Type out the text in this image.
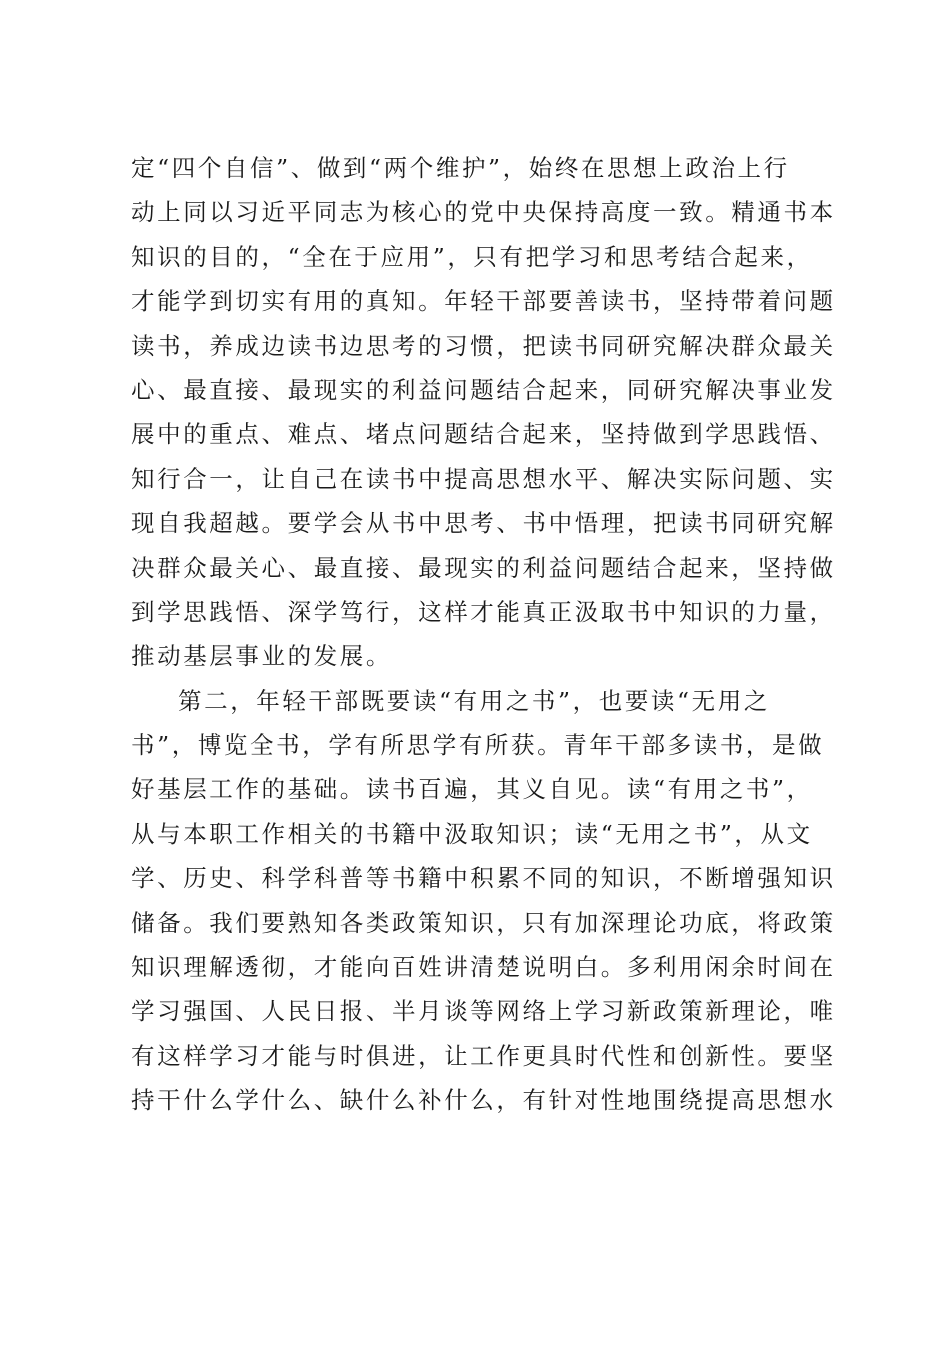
定“四个自信”、做到“两个维护”，始终在思想上政治上行
动上同以习近平同志为核心的党中央保持高度一致。精通书本
知识的目的，“全在于应用”，只有把学习和思考结合起来，
才能学到切实有用的真知。年轻干部要善读书，坚持带着问题
读书，养成边读书边思考的习惯，把读书同研究解决群众最关
心、最直接、最现实的利益问题结合起来，同研究解决事业发
展中的重点、难点、堵点问题结合起来，坚持做到学思践悟、
知行合一，让自己在读书中提高思想水平、解决实际问题、实
现自我超越。要学会从书中思考、书中悟理，把读书同研究解
决群众最关心、最直接、最现实的利益问题结合起来，坚持做
到学思践悟、深学笃行，这样才能真正汲取书中知识的力量，
推动基层事业的发展。
第二，年轻干部既要读“有用之书”，也要读“无用之
书”，博览全书，学有所思学有所获。青年干部多读书，是做
好基层工作的基础。读书百遍，其义自见。读“有用之书”，
从与本职工作相关的书籍中汲取知识；读“无用之书”，从文
学、历史、科学科普等书籍中积累不同的知识，不断增强知识
储备。我们要熟知各类政策知识，只有加深理论功底，将政策
知识理解透彻，才能向百姓讲清楚说明白。多利用闲余时间在
学习强国、人民日报、半月谈等网络上学习新政策新理论，唯
有这样学习才能与时俱进，让工作更具时代性和创新性。要坚
持干什么学什么、缺什么补什么，有针对性地围绕提高思想水
